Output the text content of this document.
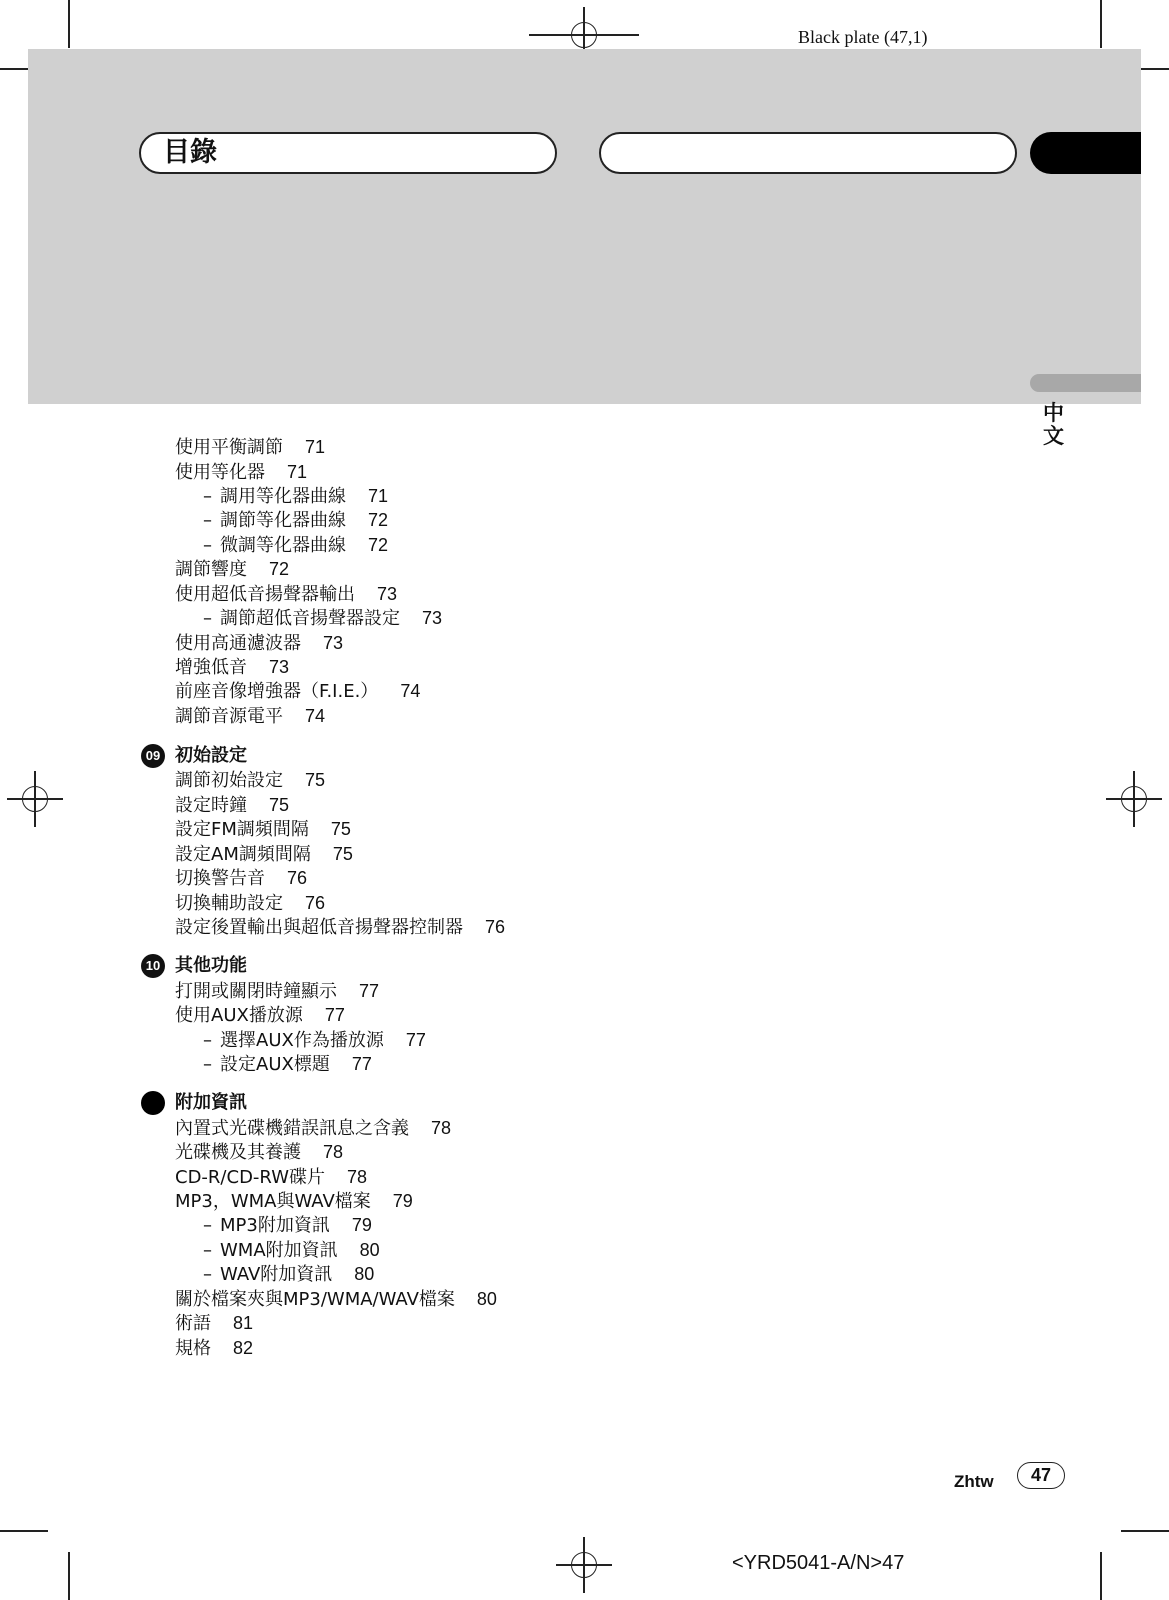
Black plate (47,1)
目錄
中文
使用平衡調節 71
使用等化器 71
– 調用等化器曲線 71
– 調節等化器曲線 72
– 微調等化器曲線 72
調節響度 72
使用超低音揚聲器輸出 73
– 調節超低音揚聲器設定 73
使用高通濾波器 73
增強低音 73
前座音像增強器（F.I.E.） 74
調節音源電平 74
09 初始設定
調節初始設定 75
設定時鐘 75
設定FM調頻間隔 75
設定AM調頻間隔 75
切換警告音 76
切換輔助設定 76
設定後置輸出與超低音揚聲器控制器 76
10 其他功能
打開或關閉時鐘顯示 77
使用AUX播放源 77
– 選擇AUX作為播放源 77
– 設定AUX標題 77
附加資訊
內置式光碟機錯誤訊息之含義 78
光碟機及其養護 78
CD-R/CD-RW碟片 78
MP3，WMA與WAV檔案 79
– MP3附加資訊 79
– WMA附加資訊 80
– WAV附加資訊 80
關於檔案夾與MP3/WMA/WAV檔案 80
術語 81
規格 82
Zhtw	47
<YRD5041-A/N>47
